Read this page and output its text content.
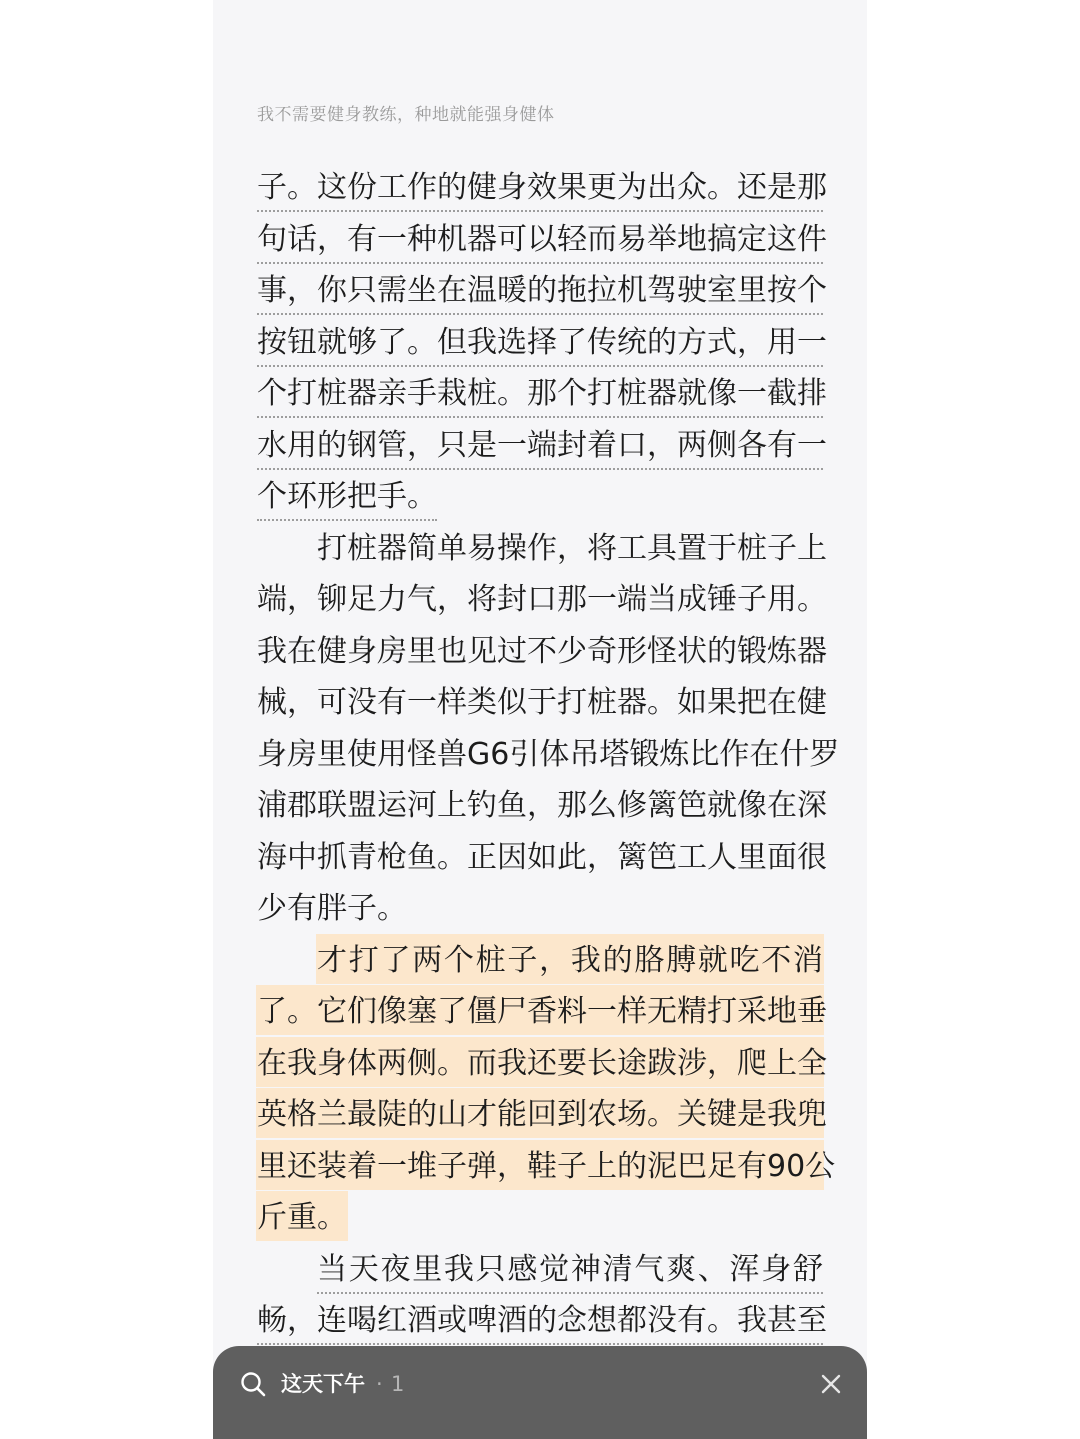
我不需要健身教练，种地就能强身健体
子。这份工作的健身效果更为出众。还是那
句话，有一种机器可以轻而易举地搞定这件
事，你只需坐在温暖的拖拉机驾驶室里按个
按钮就够了。但我选择了传统的方式，用一
个打桩器亲手栽桩。那个打桩器就像一截排
水用的钢管，只是一端封着口，两侧各有一
个环形把手。
打桩器简单易操作，将工具置于桩子上
端，铆足力气，将封口那一端当成锤子用。
我在健身房里也见过不少奇形怪状的锻炼器
械，可没有一样类似于打桩器。如果把在健
身房里使用怪兽G6引体吊塔锻炼比作在什罗
浦郡联盟运河上钓鱼，那么修篱笆就像在深
海中抓青枪鱼。正因如此，篱笆工人里面很
少有胖子。
才打了两个桩子，我的胳膊就吃不消
了。它们像塞了僵尸香料一样无精打采地垂
在我身体两侧。而我还要长途跋涉，爬上全
英格兰最陡的山才能回到农场。关键是我兜
里还装着一堆子弹，鞋子上的泥巴足有90公
斤重。
当天夜里我只感觉神清气爽、浑身舒
畅，连喝红酒或啤酒的念想都没有。我甚至
这天下午 · 1
